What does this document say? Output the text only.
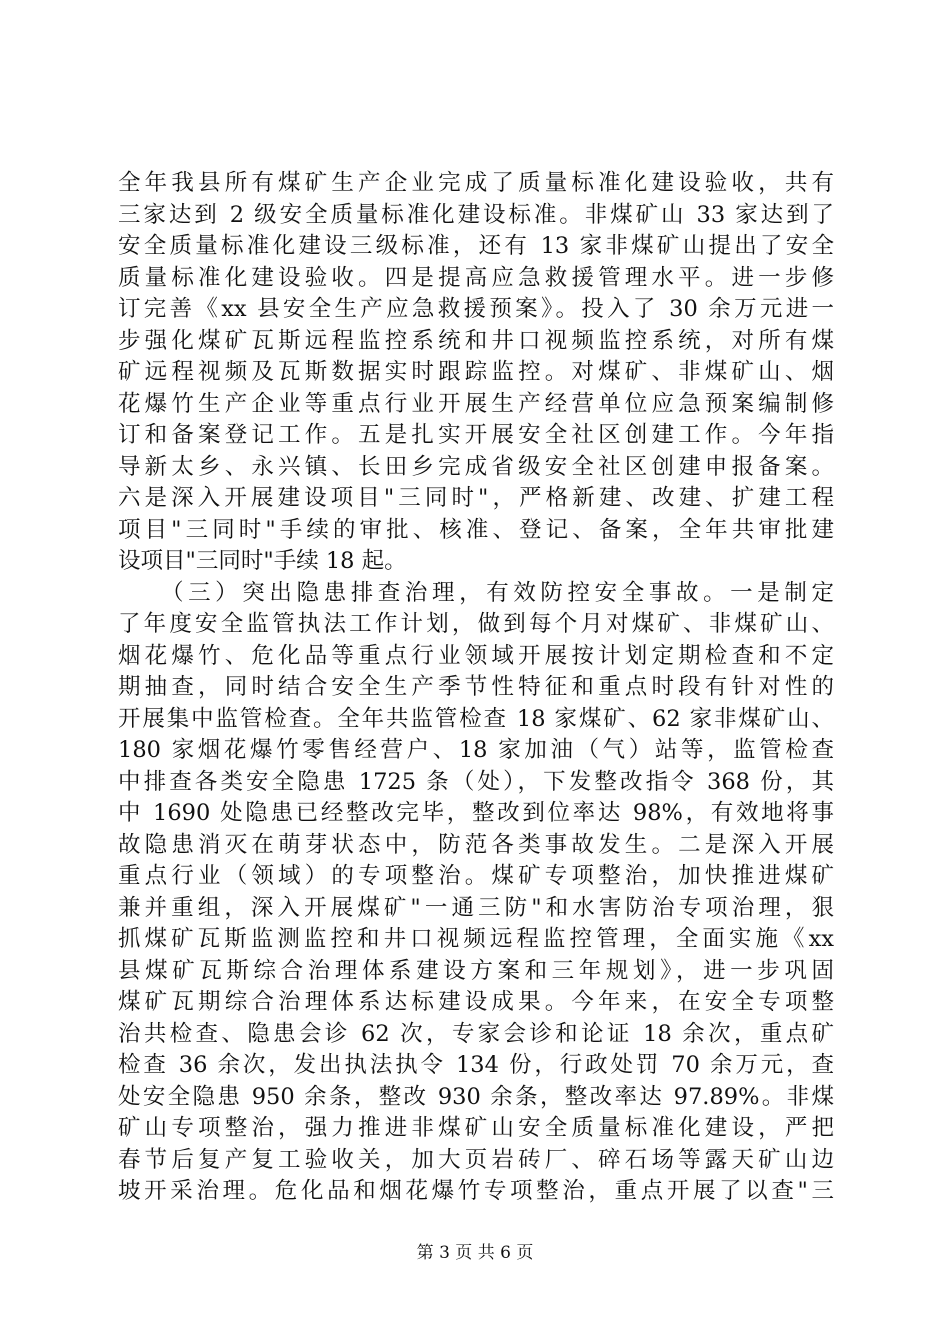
全年我县所有煤矿生产企业完成了质量标准化建设验收，共有
三家达到 2 级安全质量标准化建设标准。非煤矿山 33 家达到了
安全质量标准化建设三级标准，还有 13 家非煤矿山提出了安全
质量标准化建设验收。四是提高应急救援管理水平。进一步修
订完善《xx 县安全生产应急救援预案》。投入了 30 余万元进一
步强化煤矿瓦斯远程监控系统和井口视频监控系统，对所有煤
矿远程视频及瓦斯数据实时跟踪监控。对煤矿、非煤矿山、烟
花爆竹生产企业等重点行业开展生产经营单位应急预案编制修
订和备案登记工作。五是扎实开展安全社区创建工作。今年指
导新太乡、永兴镇、长田乡完成省级安全社区创建申报备案。
六是深入开展建设项目"三同时"，严格新建、改建、扩建工程
项目"三同时"手续的审批、核准、登记、备案，全年共审批建
设项目"三同时"手续 18 起。
　　（三）突出隐患排查治理，有效防控安全事故。一是制定
了年度安全监管执法工作计划，做到每个月对煤矿、非煤矿山、
烟花爆竹、危化品等重点行业领域开展按计划定期检查和不定
期抽查，同时结合安全生产季节性特征和重点时段有针对性的
开展集中监管检查。全年共监管检查 18 家煤矿、62 家非煤矿山、
180 家烟花爆竹零售经营户、18 家加油（气）站等，监管检查
中排查各类安全隐患 1725 条（处），下发整改指令 368 份，其
中 1690 处隐患已经整改完毕，整改到位率达 98%，有效地将事
故隐患消灭在萌芽状态中，防范各类事故发生。二是深入开展
重点行业（领域）的专项整治。煤矿专项整治，加快推进煤矿
兼并重组，深入开展煤矿"一通三防"和水害防治专项治理，狠
抓煤矿瓦斯监测监控和井口视频远程监控管理，全面实施《xx
县煤矿瓦斯综合治理体系建设方案和三年规划》，进一步巩固
煤矿瓦期综合治理体系达标建设成果。今年来，在安全专项整
治共检查、隐患会诊 62 次，专家会诊和论证 18 余次，重点矿
检查 36 余次，发出执法执令 134 份，行政处罚 70 余万元，查
处安全隐患 950 余条，整改 930 余条，整改率达 97.89%。非煤
矿山专项整治，强力推进非煤矿山安全质量标准化建设，严把
春节后复产复工验收关，加大页岩砖厂、碎石场等露天矿山边
坡开采治理。危化品和烟花爆竹专项整治，重点开展了以查"三
第 3 页 共 6 页
